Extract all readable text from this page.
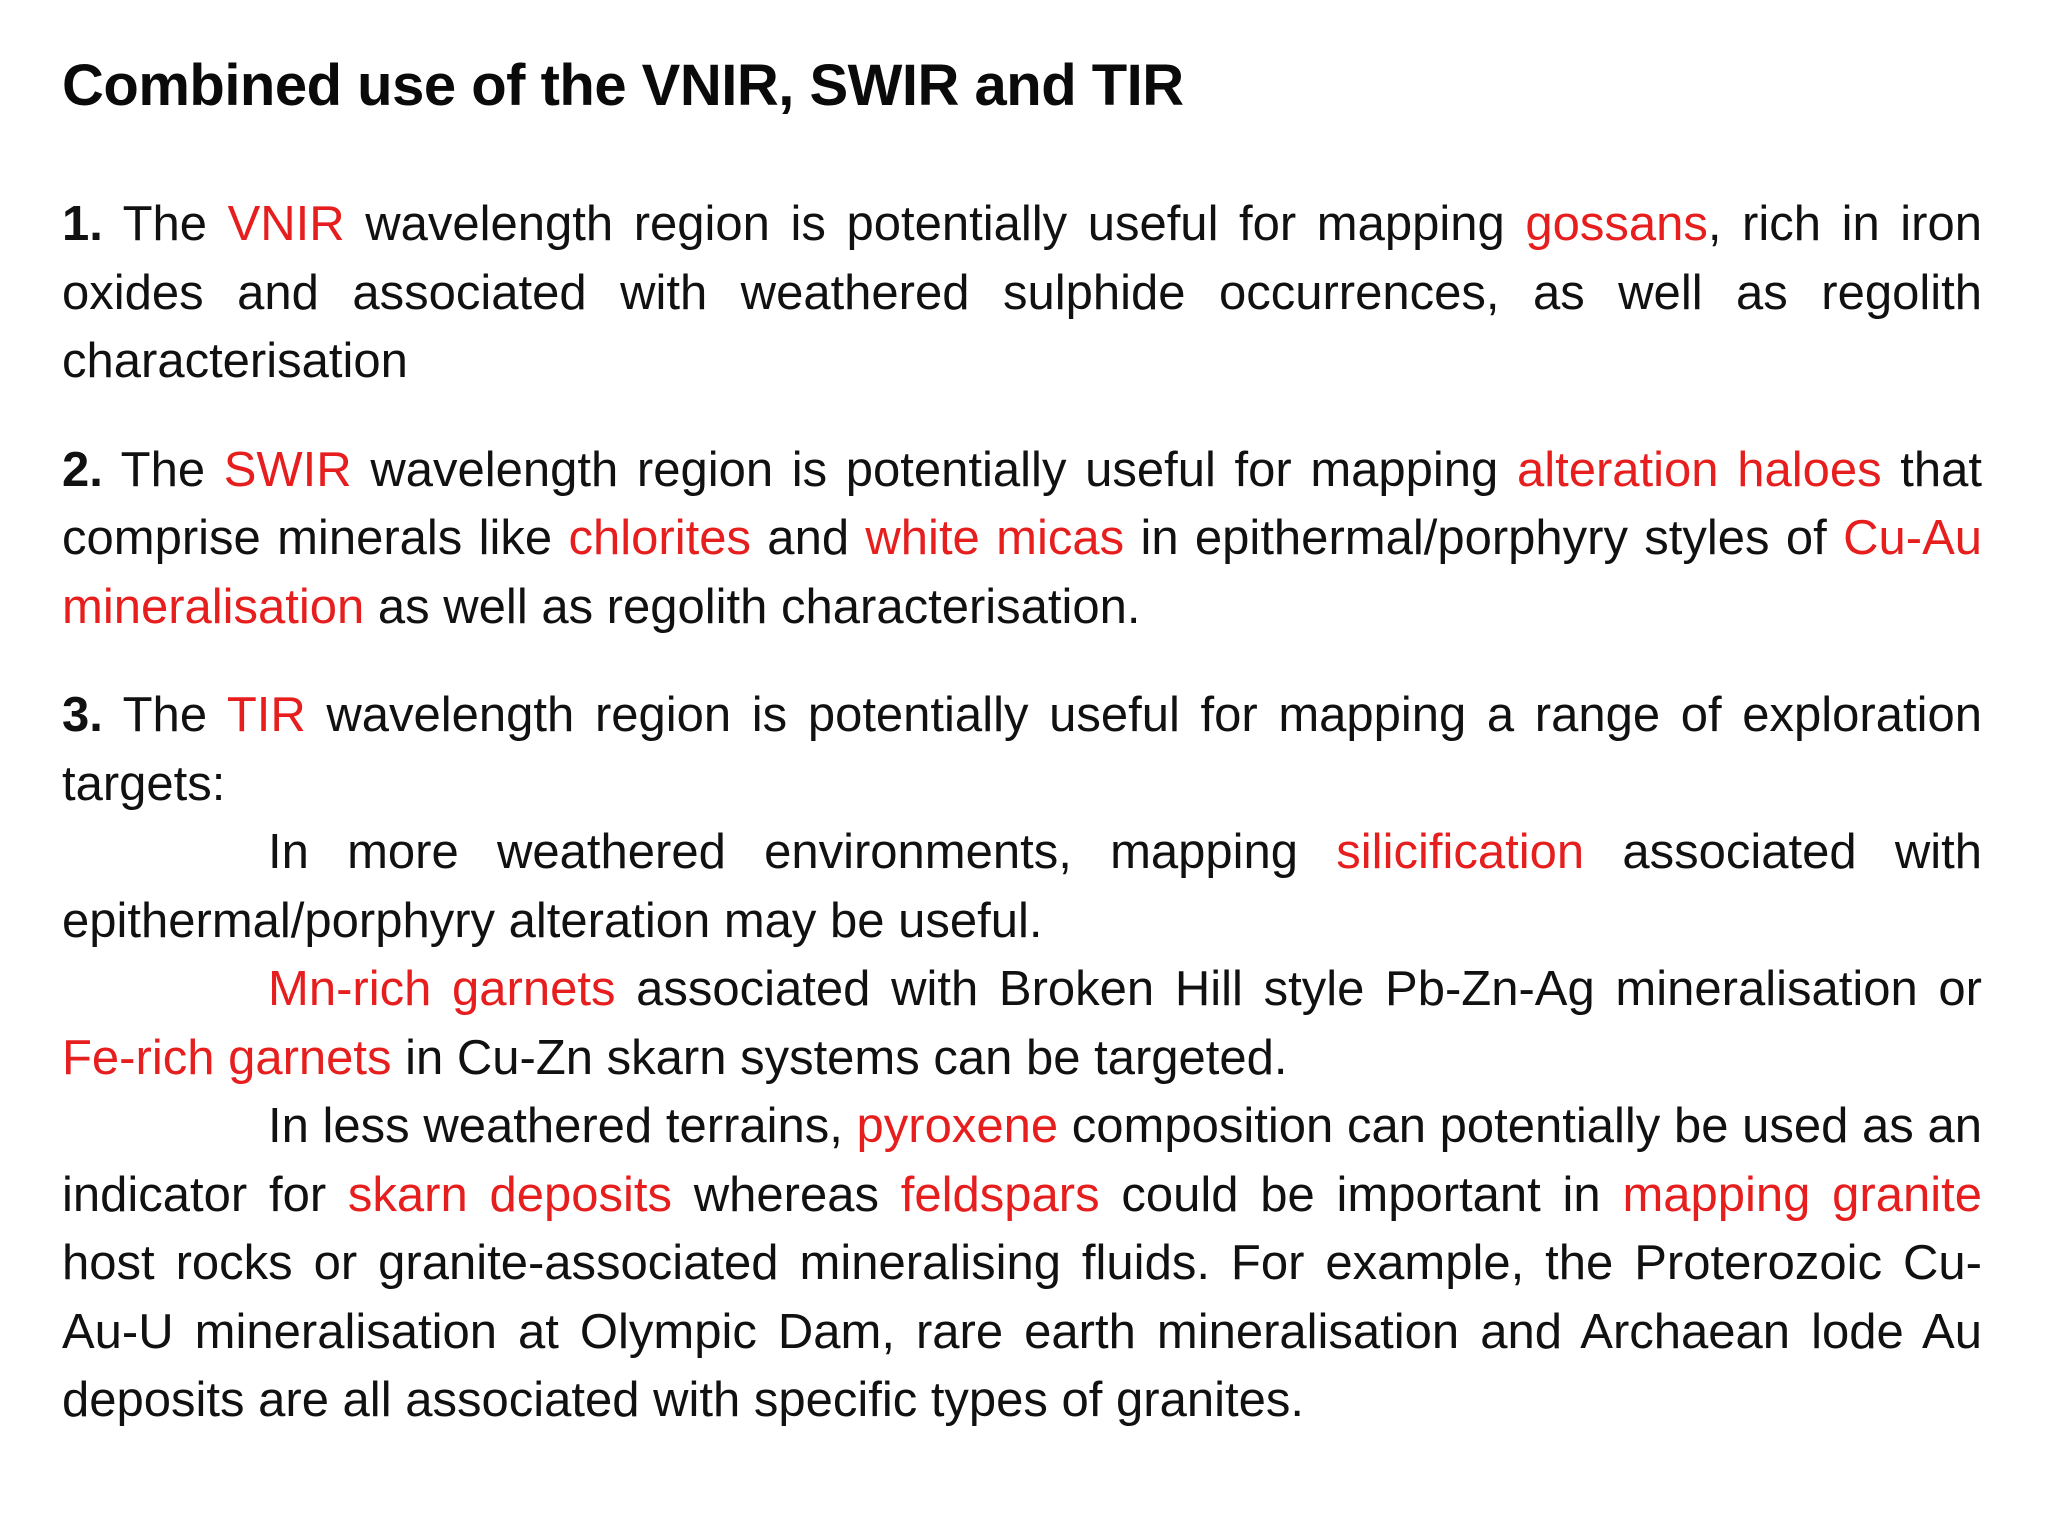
Combined use of the VNIR, SWIR and TIR

1. The VNIR wavelength region is potentially useful for mapping gossans, rich in iron oxides and associated with weathered sulphide occurrences, as well as regolith characterisation

2. The SWIR wavelength region is potentially useful for mapping alteration haloes that comprise minerals like chlorites and white micas in epithermal/porphyry styles of Cu-Au mineralisation as well as regolith characterisation.

3. The TIR wavelength region is potentially useful for mapping a range of exploration targets:

In more weathered environments, mapping silicification associated with epithermal/porphyry alteration may be useful.

Mn-rich garnets associated with Broken Hill style Pb-Zn-Ag mineralisation or Fe-rich garnets in Cu-Zn skarn systems can be targeted.

In less weathered terrains, pyroxene composition can potentially be used as an indicator for skarn deposits whereas feldspars could be important in mapping granite host rocks or granite-associated mineralising fluids. For example, the Proterozoic Cu-Au-U mineralisation at Olympic Dam, rare earth mineralisation and Archaean lode Au deposits are all associated with specific types of granites.
